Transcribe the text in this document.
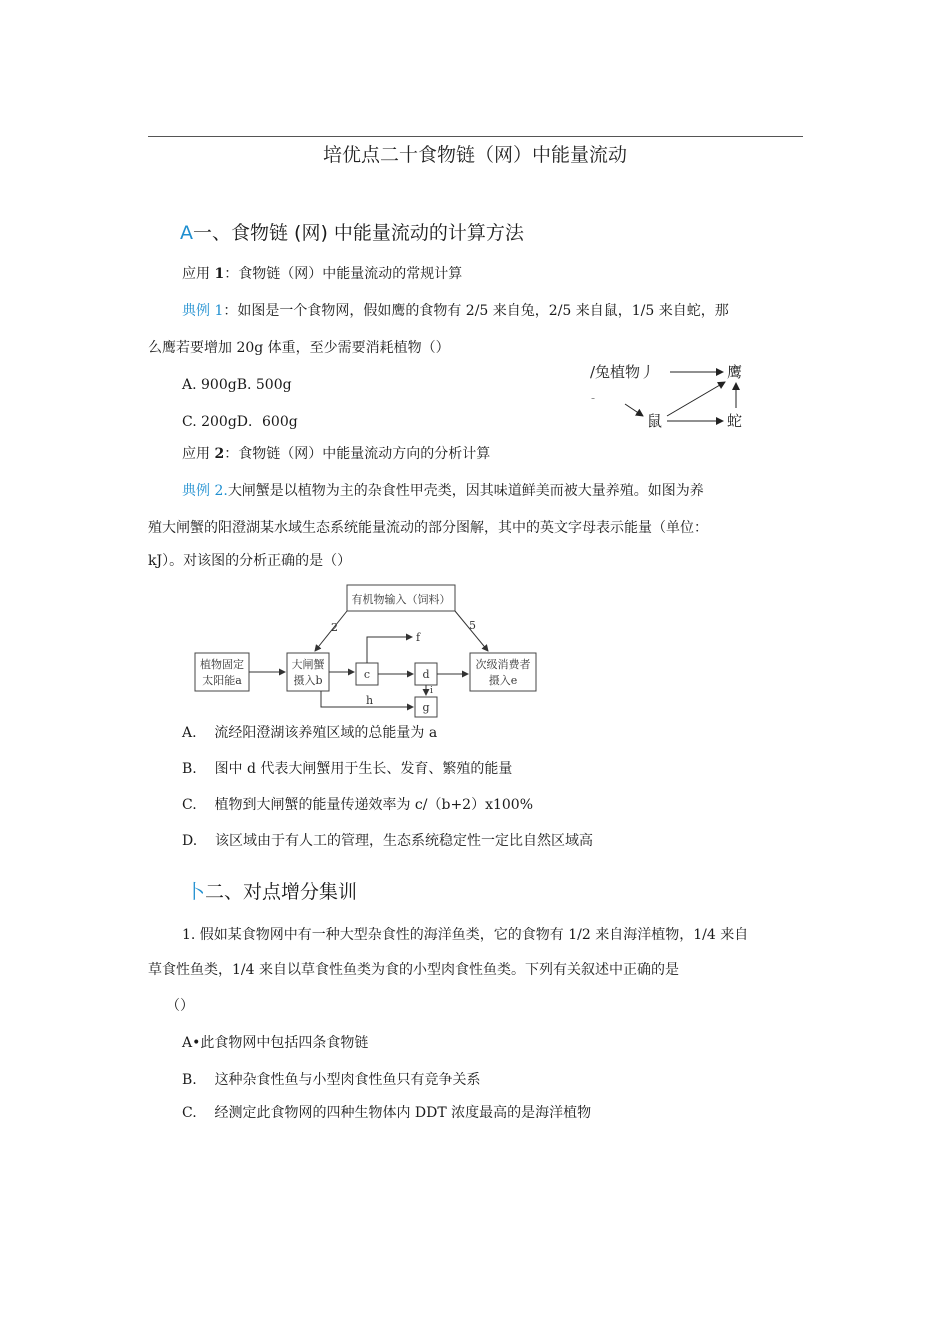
培优点二十食物链（网）中能量流动
A一、食物链 (网) 中能量流动的计算方法
应用 1：食物链（网）中能量流动的常规计算
典例 1：如图是一个食物网，假如鹰的食物有 2/5 来自兔，2/5 来自鼠，1/5 来自蛇，那
么鹰若要增加 20g 体重，至少需要消耗植物（）
A. 900gB. 500g
C. 200gD．600g
/兔植物丿	鹰
-
鼠	蛇
应用 2：食物链（网）中能量流动方向的分析计算
典例 2.大闸蟹是以植物为主的杂食性甲壳类，因其味道鲜美而被大量养殖。如图为养
殖大闸蟹的阳澄湖某水域生态系统能量流动的部分图解，其中的英文字母表示能量（单位：
kJ）。对该图的分析正确的是（）
有机物输入（饲料）
植物固定
太阳能a
大闸蟹
摄入b	c	d
g
次级消费者
摄入e
f
h
i
2	5
A. 流经阳澄湖该养殖区域的总能量为 a
B. 图中 d 代表大闸蟹用于生长、发育、繁殖的能量
C. 植物到大闸蟹的能量传递效率为 c/（b+2）x100%
D. 该区域由于有人工的管理，生态系统稳定性一定比自然区域高
卜二、对点增分集训
1. 假如某食物网中有一种大型杂食性的海洋鱼类，它的食物有 1/2 来自海洋植物，1/4 来自
草食性鱼类，1/4 来自以草食性鱼类为食的小型肉食性鱼类。下列有关叙述中正确的是
（）
A•此食物网中包括四条食物链
B. 这种杂食性鱼与小型肉食性鱼只有竞争关系
C. 经测定此食物网的四种生物体内 DDT 浓度最高的是海洋植物
